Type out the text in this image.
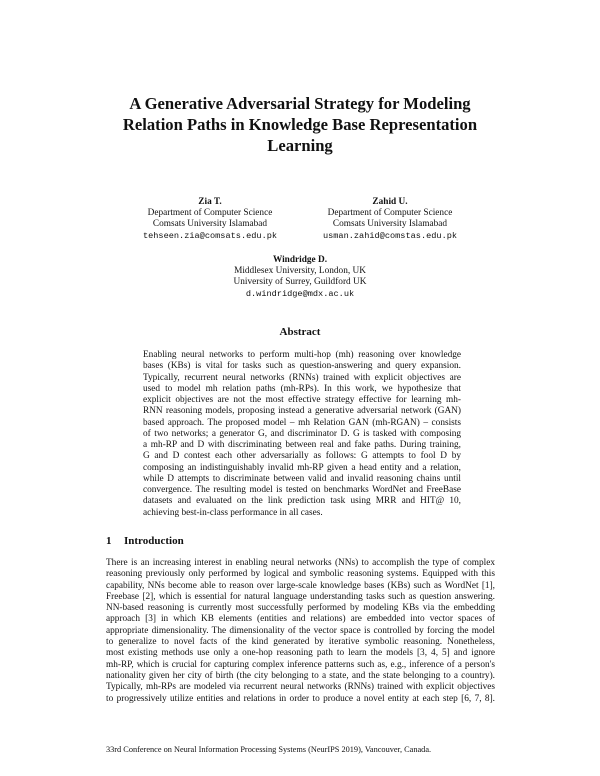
A Generative Adversarial Strategy for Modeling
Relation Paths in Knowledge Base Representation
Learning
Zia T.
Department of Computer Science
Comsats University Islamabad
tehseen.zia@comsats.edu.pk
Zahid U.
Department of Computer Science
Comsats University Islamabad
usman.zahid@comstas.edu.pk
Windridge D.
Middlesex University, London, UK
University of Surrey, Guildford UK
d.windridge@mdx.ac.uk
Abstract
Enabling neural networks to perform multi-hop (mh) reasoning over knowledge
bases (KBs) is vital for tasks such as question-answering and query expansion.
Typically, recurrent neural networks (RNNs) trained with explicit objectives are
used to model mh relation paths (mh-RPs). In this work, we hypothesize that
explicit objectives are not the most effective strategy effective for learning mh-
RNN reasoning models, proposing instead a generative adversarial network (GAN)
based approach. The proposed model – mh Relation GAN (mh-RGAN) – consists
of two networks; a generator G, and discriminator D. G is tasked with composing
a mh-RP and D with discriminating between real and fake paths. During training,
G and D contest each other adversarially as follows: G attempts to fool D by
composing an indistinguishably invalid mh-RP given a head entity and a relation,
while D attempts to discriminate between valid and invalid reasoning chains until
convergence. The resulting model is tested on benchmarks WordNet and FreeBase
datasets and evaluated on the link prediction task using MRR and HIT@ 10,
achieving best-in-class performance in all cases.
1 Introduction
There is an increasing interest in enabling neural networks (NNs) to accomplish the type of complex
reasoning previously only performed by logical and symbolic reasoning systems. Equipped with this
capability, NNs become able to reason over large-scale knowledge bases (KBs) such as WordNet [1],
Freebase [2], which is essential for natural language understanding tasks such as question answering.
NN-based reasoning is currently most successfully performed by modeling KBs via the embedding
approach [3] in which KB elements (entities and relations) are embedded into vector spaces of
appropriate dimensionality. The dimensionality of the vector space is controlled by forcing the model
to generalize to novel facts of the kind generated by iterative symbolic reasoning. Nonetheless,
most existing methods use only a one-hop reasoning path to learn the models [3, 4, 5] and ignore
mh-RP, which is crucial for capturing complex inference patterns such as, e.g., inference of a person's
nationality given her city of birth (the city belonging to a state, and the state belonging to a country).
Typically, mh-RPs are modeled via recurrent neural networks (RNNs) trained with explicit objectives
to progressively utilize entities and relations in order to produce a novel entity at each step [6, 7, 8].
33rd Conference on Neural Information Processing Systems (NeurIPS 2019), Vancouver, Canada.
